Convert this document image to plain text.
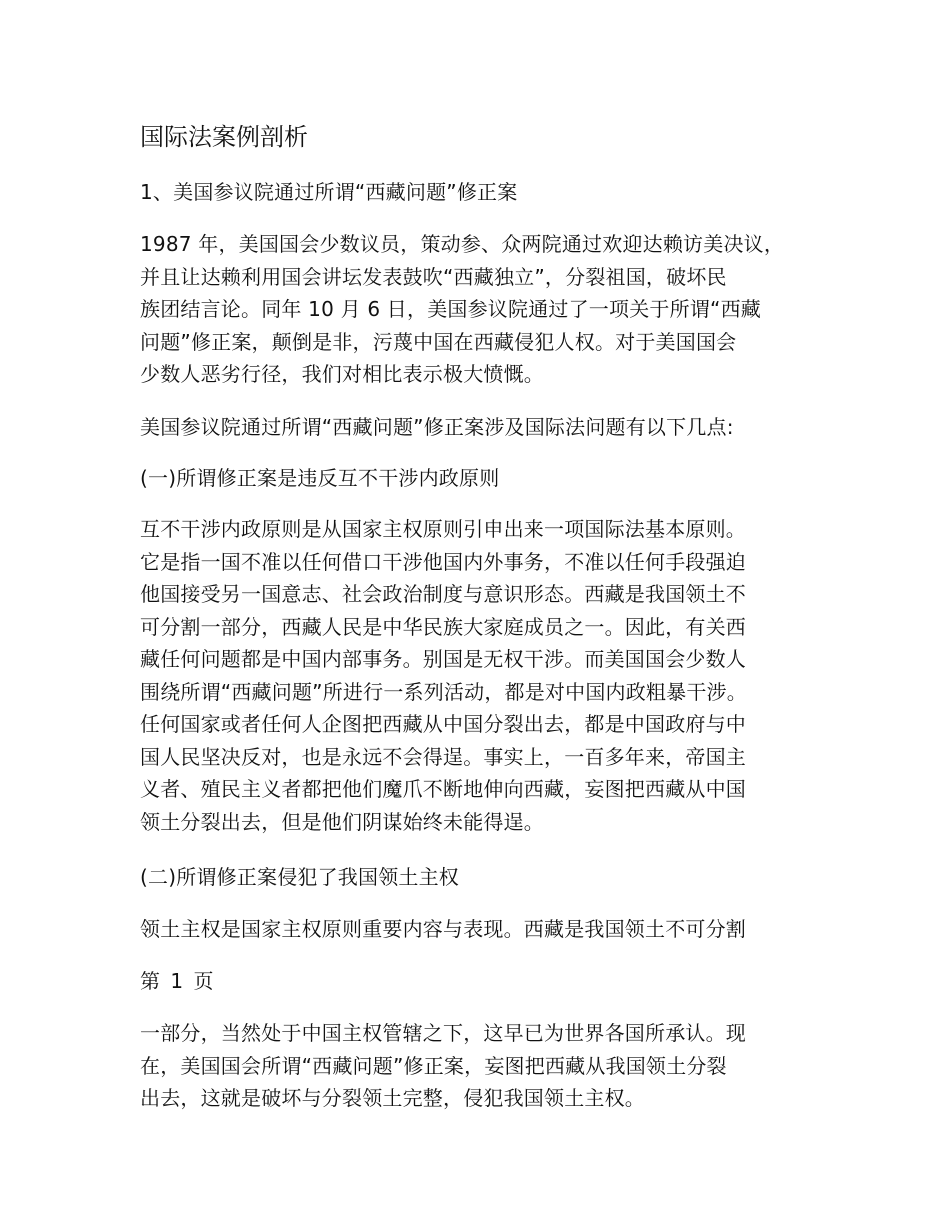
国际法案例剖析
1、美国参议院通过所谓“西藏问题”修正案
1987 年，美国国会少数议员，策动参、众两院通过欢迎达赖访美决议，
并且让达赖利用国会讲坛发表鼓吹“西藏独立”，分裂祖国，破坏民
族团结言论。同年 10 月 6 日，美国参议院通过了一项关于所谓“西藏
问题”修正案，颠倒是非，污蔑中国在西藏侵犯人权。对于美国国会
少数人恶劣行径，我们对相比表示极大愤慨。
美国参议院通过所谓“西藏问题”修正案涉及国际法问题有以下几点:
(一)所谓修正案是违反互不干涉内政原则
互不干涉内政原则是从国家主权原则引申出来一项国际法基本原则。
它是指一国不准以任何借口干涉他国内外事务，不准以任何手段强迫
他国接受另一国意志、社会政治制度与意识形态。西藏是我国领土不
可分割一部分，西藏人民是中华民族大家庭成员之一。因此，有关西
藏任何问题都是中国内部事务。别国是无权干涉。而美国国会少数人
围绕所谓“西藏问题”所进行一系列活动，都是对中国内政粗暴干涉。
任何国家或者任何人企图把西藏从中国分裂出去，都是中国政府与中
国人民坚决反对，也是永远不会得逞。事实上，一百多年来，帝国主
义者、殖民主义者都把他们魔爪不断地伸向西藏，妄图把西藏从中国
领土分裂出去，但是他们阴谋始终未能得逞。
(二)所谓修正案侵犯了我国领土主权
领土主权是国家主权原则重要内容与表现。西藏是我国领土不可分割
第 1 页
一部分，当然处于中国主权管辖之下，这早已为世界各国所承认。现
在，美国国会所谓“西藏问题”修正案，妄图把西藏从我国领土分裂
出去，这就是破坏与分裂领土完整，侵犯我国领土主权。
